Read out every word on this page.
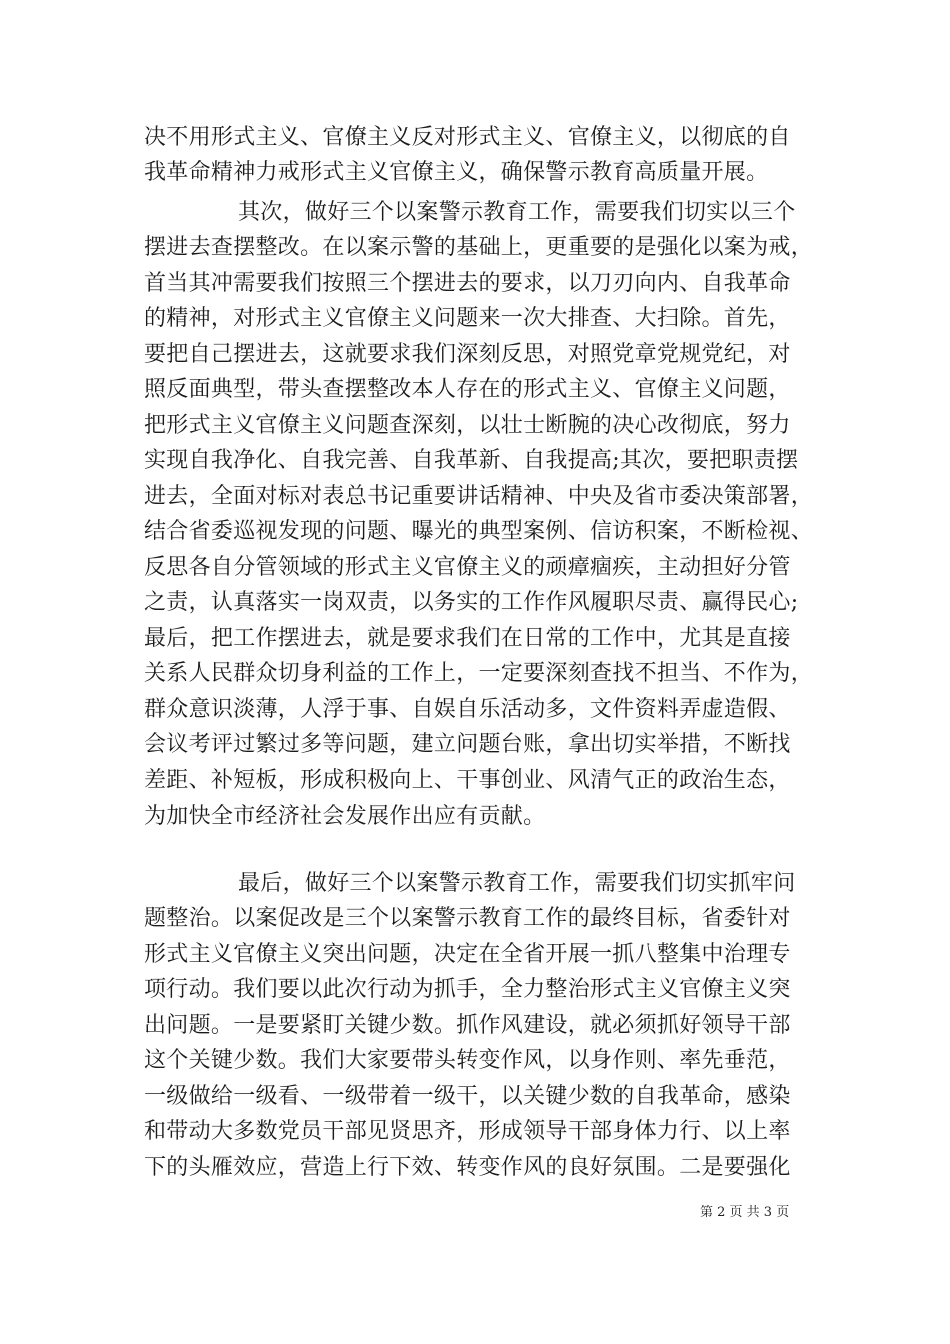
决不用形式主义、官僚主义反对形式主义、官僚主义，以彻底的自
我革命精神力戒形式主义官僚主义，确保警示教育高质量开展。
其次，做好三个以案警示教育工作，需要我们切实以三个
摆进去查摆整改。在以案示警的基础上，更重要的是强化以案为戒，
首当其冲需要我们按照三个摆进去的要求，以刀刃向内、自我革命
的精神，对形式主义官僚主义问题来一次大排查、大扫除。首先，
要把自己摆进去，这就要求我们深刻反思，对照党章党规党纪，对
照反面典型，带头查摆整改本人存在的形式主义、官僚主义问题，
把形式主义官僚主义问题查深刻，以壮士断腕的决心改彻底，努力
实现自我净化、自我完善、自我革新、自我提高;其次，要把职责摆
进去，全面对标对表总书记重要讲话精神、中央及省市委决策部署，
结合省委巡视发现的问题、曝光的典型案例、信访积案，不断检视、
反思各自分管领域的形式主义官僚主义的顽瘴痼疾，主动担好分管
之责，认真落实一岗双责，以务实的工作作风履职尽责、赢得民心;
最后，把工作摆进去，就是要求我们在日常的工作中，尤其是直接
关系人民群众切身利益的工作上，一定要深刻查找不担当、不作为，
群众意识淡薄，人浮于事、自娱自乐活动多，文件资料弄虚造假、
会议考评过繁过多等问题，建立问题台账，拿出切实举措，不断找
差距、补短板，形成积极向上、干事创业、风清气正的政治生态，
为加快全市经济社会发展作出应有贡献。
最后，做好三个以案警示教育工作，需要我们切实抓牢问
题整治。以案促改是三个以案警示教育工作的最终目标，省委针对
形式主义官僚主义突出问题，决定在全省开展一抓八整集中治理专
项行动。我们要以此次行动为抓手，全力整治形式主义官僚主义突
出问题。一是要紧盯关键少数。抓作风建设，就必须抓好领导干部
这个关键少数。我们大家要带头转变作风，以身作则、率先垂范，
一级做给一级看、一级带着一级干，以关键少数的自我革命，感染
和带动大多数党员干部见贤思齐，形成领导干部身体力行、以上率
下的头雁效应，营造上行下效、转变作风的良好氛围。二是要强化
第 2 页 共 3 页
